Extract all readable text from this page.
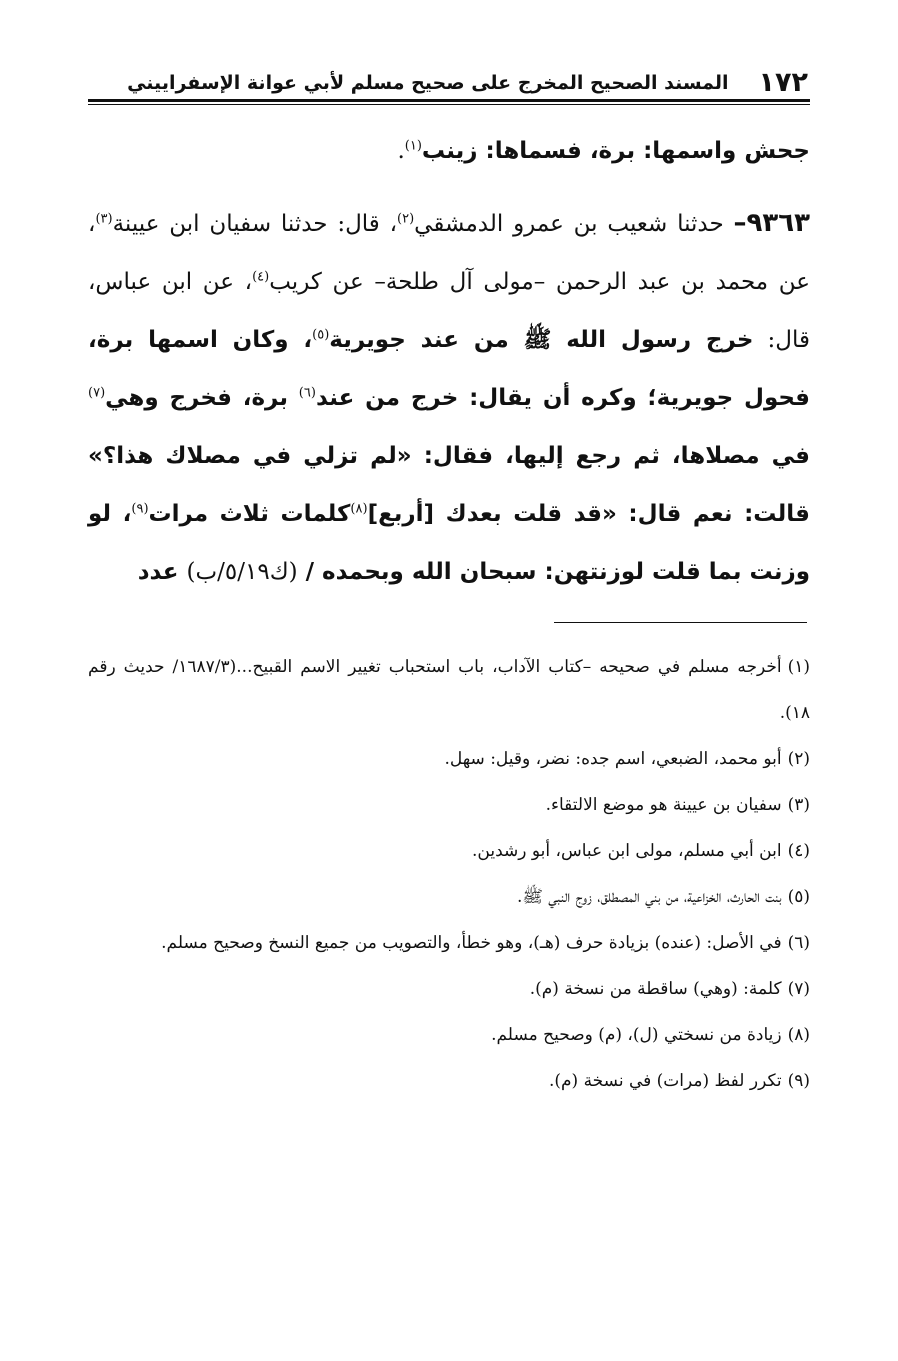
١٧٢
المسند الصحيح المخرج على صحيح مسلم لأبي عوانة الإسفراييني

جحش واسمها: برة، فسماها: زينب$^{(١)}$.

٩٣٦٣– حدثنا شعيب بن عمرو الدمشقي$^{(٢)}$، قال: حدثنا سفيان ابن عيينة$^{(٣)}$، عن محمد بن عبد الرحمن –مولى آل طلحة– عن كريب$^{(٤)}$، عن ابن عباس، قال: خرج رسول الله ﷺ من عند جويرية$^{(٥)}$، وكان اسمها برة، فحول جويرية؛ وكره أن يقال: خرج من عند$^{(٦)}$ برة، فخرج وهي$^{(٧)}$ في مصلاها، ثم رجع إليها، فقال: «لم تزلي في مصلاك هذا؟» قالت: نعم قال: «قد قلت بعدك [أربع]$^{(٨)}$كلمات ثلاث مرات$^{(٩)}$، لو وزنت بما قلت لوزنتهن: سبحان الله وبحمده / (ك٥/١٩/ب) عدد

(١)أخرجه مسلم في صحيحه –كتاب الآداب، باب استحباب تغيير الاسم القبيح...(١٦٨٧/٣/ حديث رقم ١٨).

(٢)أبو محمد، الضبعي، اسم جده: نضر، وقيل: سهل.

(٣)سفيان بن عيينة هو موضع الالتقاء.

(٤)ابن أبي مسلم، مولى ابن عباس، أبو رشدين.

(٥)بنت الحارث، الخزاعية، من بني المصطلق، زوج النبي ﷺ.

(٦)في الأصل: (عنده) بزيادة حرف (هـ)، وهو خطأ، والتصويب من جميع النسخ وصحيح مسلم.

(٧)كلمة: (وهي) ساقطة من نسخة (م).

(٨)زيادة من نسختي (ل)، (م) وصحيح مسلم.

(٩)تكرر لفظ (مرات) في نسخة (م).
